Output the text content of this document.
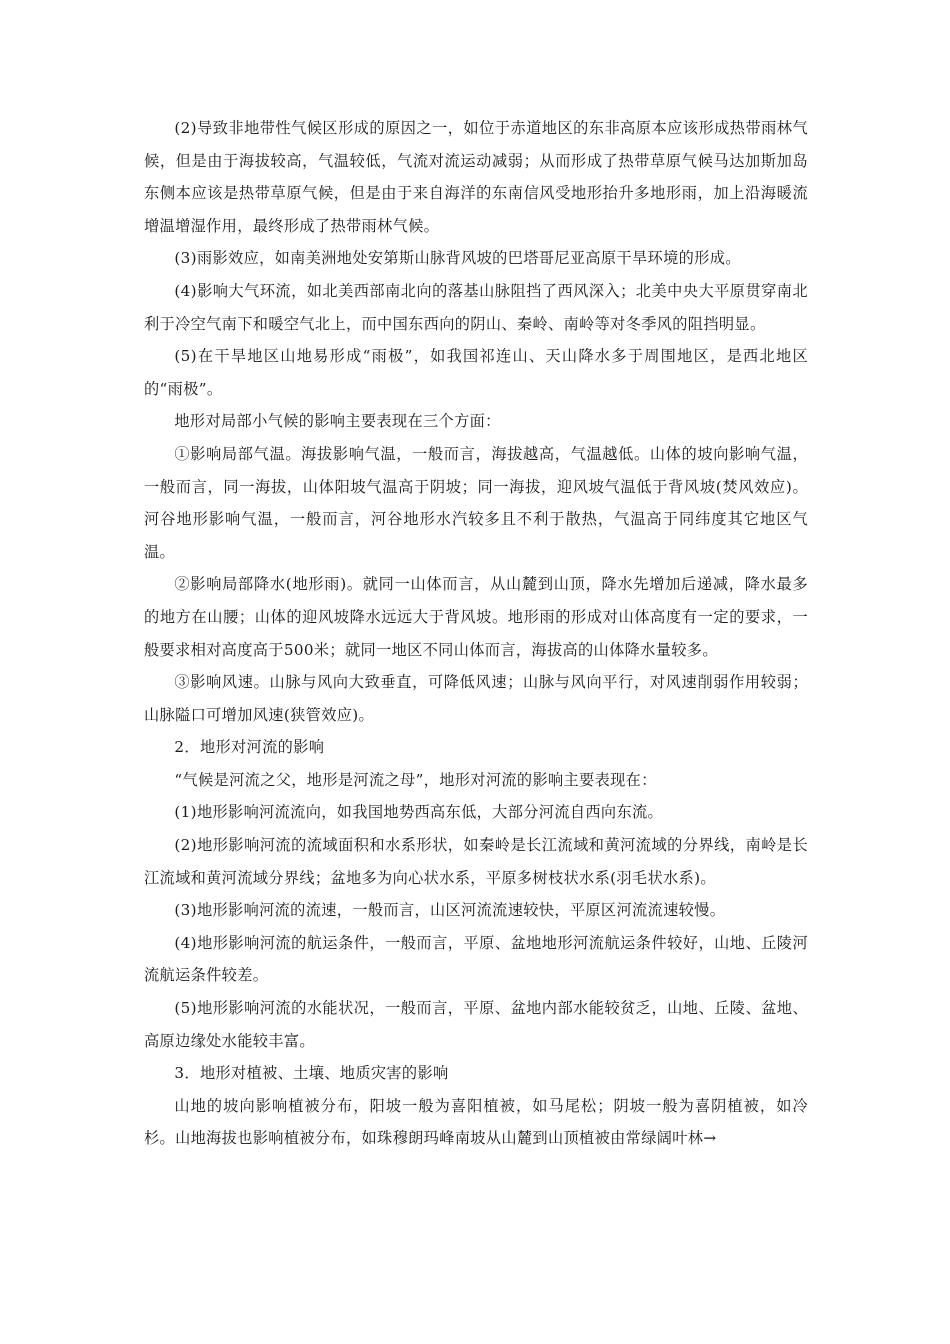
(2)导致非地带性气候区形成的原因之一，如位于赤道地区的东非高原本应该形成热带雨林气候，但是由于海拔较高，气温较低，气流对流运动减弱；从而形成了热带草原气候马达加斯加岛东侧本应该是热带草原气候，但是由于来自海洋的东南信风受地形抬升多地形雨，加上沿海暖流增温增湿作用，最终形成了热带雨林气候。

(3)雨影效应，如南美洲地处安第斯山脉背风坡的巴塔哥尼亚高原干旱环境的形成。

(4)影响大气环流，如北美西部南北向的落基山脉阻挡了西风深入；北美中央大平原贯穿南北利于冷空气南下和暖空气北上，而中国东西向的阴山、秦岭、南岭等对冬季风的阻挡明显。

(5)在干旱地区山地易形成“雨极”，如我国祁连山、天山降水多于周围地区，是西北地区的“雨极”。

地形对局部小气候的影响主要表现在三个方面：

①影响局部气温。海拔影响气温，一般而言，海拔越高，气温越低。山体的坡向影响气温，一般而言，同一海拔，山体阳坡气温高于阴坡；同一海拔，迎风坡气温低于背风坡(焚风效应)。河谷地形影响气温，一般而言，河谷地形水汽较多且不利于散热，气温高于同纬度其它地区气温。

②影响局部降水(地形雨)。就同一山体而言，从山麓到山顶，降水先增加后递减，降水最多的地方在山腰；山体的迎风坡降水远远大于背风坡。地形雨的形成对山体高度有一定的要求，一般要求相对高度高于500米；就同一地区不同山体而言，海拔高的山体降水量较多。

③影响风速。山脉与风向大致垂直，可降低风速；山脉与风向平行，对风速削弱作用较弱；山脉隘口可增加风速(狭管效应)。

2．地形对河流的影响

“气候是河流之父，地形是河流之母”，地形对河流的影响主要表现在：

(1)地形影响河流流向，如我国地势西高东低，大部分河流自西向东流。

(2)地形影响河流的流域面积和水系形状，如秦岭是长江流域和黄河流域的分界线，南岭是长江流域和黄河流域分界线；盆地多为向心状水系，平原多树枝状水系(羽毛状水系)。

(3)地形影响河流的流速，一般而言，山区河流流速较快，平原区河流流速较慢。

(4)地形影响河流的航运条件，一般而言，平原、盆地地形河流航运条件较好，山地、丘陵河流航运条件较差。

(5)地形影响河流的水能状况，一般而言，平原、盆地内部水能较贫乏，山地、丘陵、盆地、高原边缘处水能较丰富。

3．地形对植被、土壤、地质灾害的影响

山地的坡向影响植被分布，阳坡一般为喜阳植被，如马尾松；阴坡一般为喜阴植被，如冷杉。山地海拔也影响植被分布，如珠穆朗玛峰南坡从山麓到山顶植被由常绿阔叶林→
